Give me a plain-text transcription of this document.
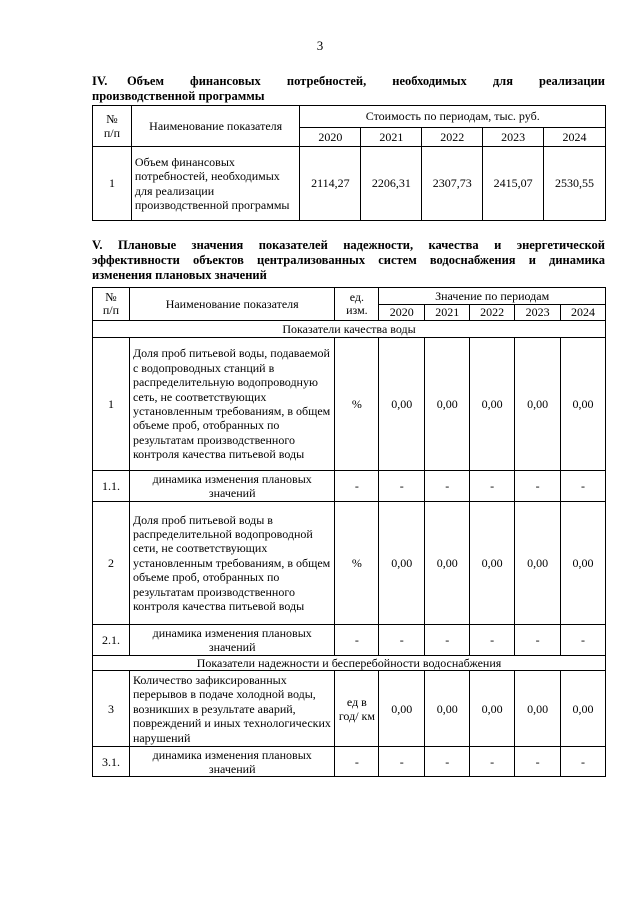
3
IV.   Объем    финансовых    потребностей,    необходимых    для    реализации
производственной программы
№
п/п	Наименование показателя	Стоимость по периодам, тыс. руб.				
		2020	2021	2022	2023	2024
1	Объем финансовых потребностей, необходимых для реализации производственной программы	2114,27	2206,31	2307,73	2415,07	2530,55
V.  Плановые  значения  показателей  надежности,  качества  и  энергетической
эффективности  объектов  централизованных  систем  водоснабжения  и  динамика
изменения плановых значений
№
п/п	Наименование показателя	ед.
изм.	Значение по периодам				
			2020	2021	2022	2023	2024
Показатели качества воды							
1	Доля проб питьевой воды, подаваемой с водопроводных станций в распределительную водопроводную сеть, не соответствующих установленным требованиям, в общем объеме проб, отобранных по результатам производственного контроля качества питьевой воды	%	0,00	0,00	0,00	0,00	0,00
1.1.	динамика изменения плановых значений	-	-	-	-	-	-
2	Доля проб питьевой воды в распределительной водопроводной сети, не соответствующих установленным требованиям, в общем объеме проб, отобранных по результатам производственного контроля качества питьевой воды	%	0,00	0,00	0,00	0,00	0,00
2.1.	динамика изменения плановых значений	-	-	-	-	-	-
Показатели надежности и бесперебойности водоснабжения							
3	Количество зафиксированных перерывов в подаче холодной воды, возникших в результате аварий, повреждений и иных технологических нарушений	ед в год/ км	0,00	0,00	0,00	0,00	0,00
3.1.	динамика изменения плановых значений	-	-	-	-	-	-
